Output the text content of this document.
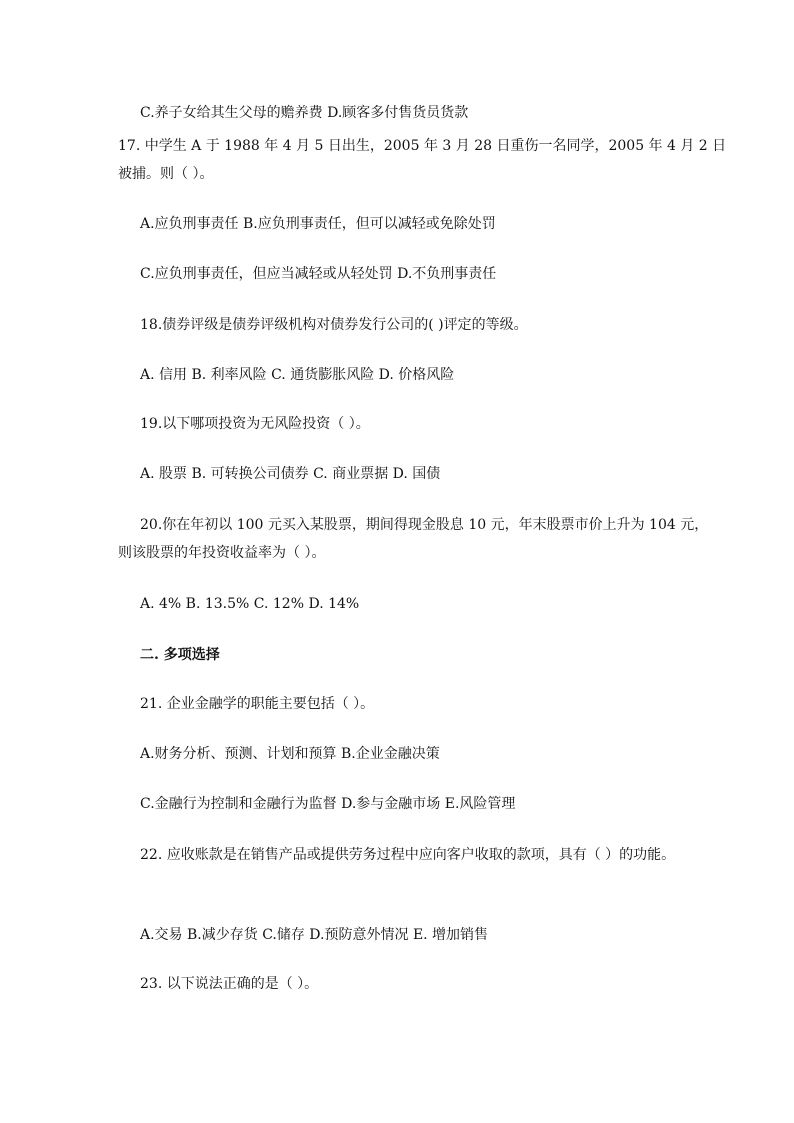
C.养子女给其生父母的赡养费 D.顾客多付售货员货款

17. 中学生 A 于 1988 年 4 月 5 日出生，2005 年 3 月 28 日重伤一名同学，2005 年 4 月 2 日

被捕。则（ ）。

A.应负刑事责任 B.应负刑事责任，但可以减轻或免除处罚

C.应负刑事责任，但应当减轻或从轻处罚 D.不负刑事责任

18.债券评级是债券评级机构对债券发行公司的( )评定的等级。

A. 信用 B. 利率风险 C. 通货膨胀风险 D. 价格风险

19.以下哪项投资为无风险投资（ ）。

A. 股票 B. 可转换公司债券 C. 商业票据 D. 国债

20.你在年初以 100 元买入某股票，期间得现金股息 10 元，年末股票市价上升为 104 元，

则该股票的年投资收益率为（ ）。

A. 4% B. 13.5% C. 12% D. 14%

二. 多项选择

21. 企业金融学的职能主要包括（ ）。

A.财务分析、预测、计划和预算 B.企业金融决策

C.金融行为控制和金融行为监督 D.参与金融市场 E.风险管理

22. 应收账款是在销售产品或提供劳务过程中应向客户收取的款项，具有（ ）的功能。

A.交易 B.减少存货 C.储存 D.预防意外情况 E. 增加销售

23. 以下说法正确的是（ ）。
